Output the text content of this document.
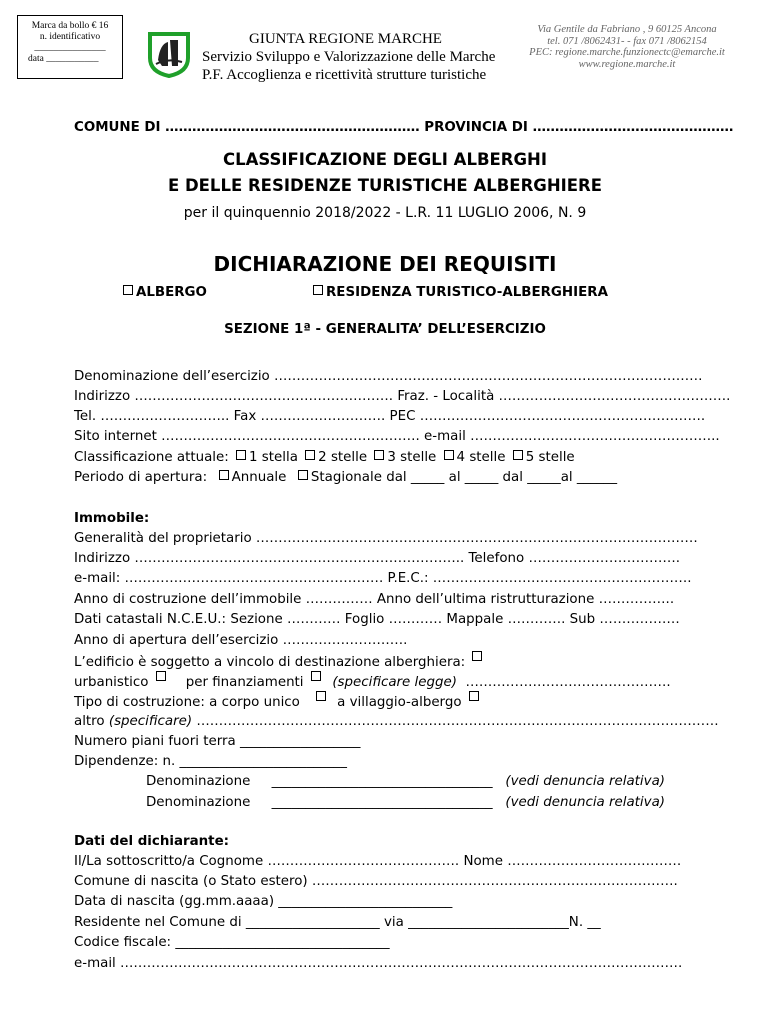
Marca da bollo € 16
n. identificativo
_______________
data ___________
GIUNTA REGIONE MARCHE
Servizio Sviluppo e Valorizzazione delle Marche
P.F. Accoglienza e ricettività strutture turistiche
Via Gentile da Fabriano , 9 60125 Ancona
tel. 071 /8062431- - fax 071 /8062154
PEC: regione.marche.funzionectc@emarche.it
www.regione.marche.it
COMUNE DI ………………………………………………… PROVINCIA DI ………………………………………
CLASSIFICAZIONE DEGLI ALBERGHI
E DELLE RESIDENZE TURISTICHE ALBERGHIERE
per il quinquennio 2018/2022 - L.R. 11 LUGLIO 2006, N. 9
DICHIARAZIONE DEI REQUISITI
ALBERGO	RESIDENZA TURISTICO-ALBERGHIERA
SEZIONE 1ª - GENERALITA’ DELL’ESERCIZIO
Denominazione dell’esercizio ……………………………………………………………………………………
Indirizzo …………………………………………………. Fraz. - Località …………………………………………….
Tel. ……………………….. Fax ………………………. PEC ……………………………………………………….
Sito internet …………………………………………………. e-mail ………………………………………………..
Classificazione attuale: 1 stella 2 stelle 3 stelle 4 stelle 5 stelle
Periodo di apertura: Annuale Stagionale dal _____ al _____ dal _____al ______
Immobile:
Generalità del proprietario ………………………………………………………………………………………
Indirizzo ……………………………………………………………….. Telefono …………………………….
e-mail: …………………………………………………. P.E.C.: ………………………………………………….
Anno di costruzione dell’immobile …………… Anno dell’ultima ristrutturazione ……………..
Dati catastali N.C.E.U.: Sezione ………… Foglio ………… Mappale …………. Sub ………………
Anno di apertura dell’esercizio ……………………….
L’edificio è soggetto a vincolo di destinazione alberghiera:
urbanistico	per finanziamenti (specificare legge) ……………………………………….
Tipo di costruzione: a corpo unico	a villaggio-albergo
altro (specificare) ………………………………………………………………………………………………………
Numero piani fuori terra __________________
Dipendenze: n. _________________________
Denominazione _________________________________ (vedi denuncia relativa)
Denominazione _________________________________ (vedi denuncia relativa)
Dati del dichiarante:
Il/La sottoscritto/a Cognome ……………………………………. Nome …………………………………
Comune di nascita (o Stato estero) ……………………………………………………………………….
Data di nascita (gg.mm.aaaa) __________________________
Residente nel Comune di ____________________ via ________________________N. __
Codice fiscale: ________________________________
e-mail ………………………………………………………………………………………………………………
